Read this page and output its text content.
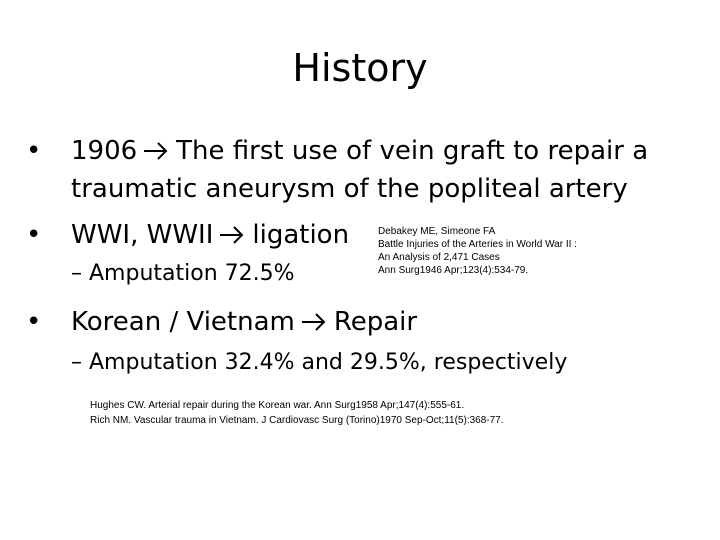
History
• 1906 The first use of vein graft to repair a
traumatic aneurysm of the popliteal artery
• WWI, WWII ligation
– Amputation 72.5%
Debakey ME, Simeone FA
Battle Injuries of the Arteries in World War II :
An Analysis of 2,471 Cases
Ann Surg1946 Apr;123(4):534-79.
• Korean / Vietnam Repair
– Amputation 32.4% and 29.5%, respectively
Hughes CW. Arterial repair during the Korean war. Ann Surg1958 Apr;147(4):555-61.
Rich NM. Vascular trauma in Vietnam. J Cardiovasc Surg (Torino)1970 Sep-Oct;11(5):368-77.
